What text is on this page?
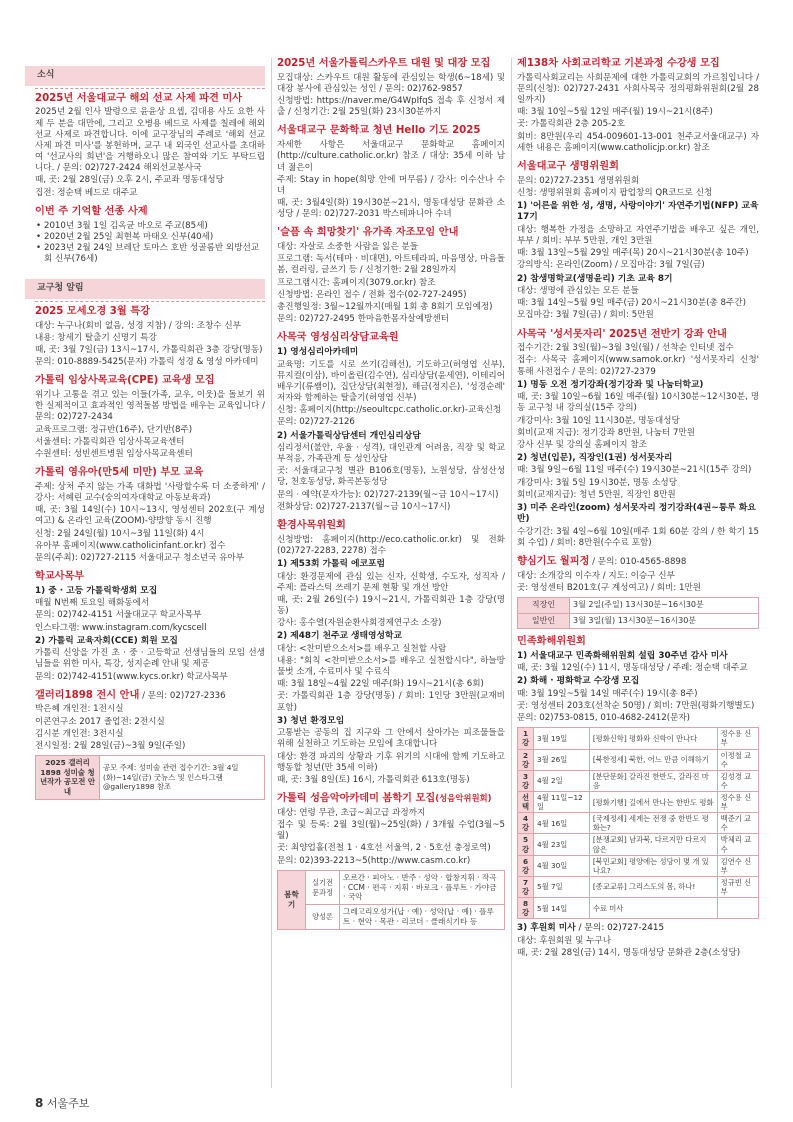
소식
2025년 서울대교구 해외 선교 사제 파견 미사

2025년 2월 인사 발령으로 윤윤상 요셉, 김대용 사도 요한 사제 두 분을 대만에, 그리고 오병용 베드로 사제를 칠레에 해외 선교 사제로 파견합니다. 이에 교구장님의 주례로 '해외 선교 사제 파견 미사'를 봉헌하며, 교구 내 외국인 선교사를 초대하여 '선교사의 희년'을 거행하오니 많은 참여와 기도 부탁드립니다. / 문의: 02)727-2424 해외선교봉사국

때, 곳: 2월 28일(금) 오후 2시, 주교좌 명동대성당

집전: 정순택 베드로 대주교

이번 주 기억할 선종 사제
• 2010년 3월 1일 김옥균 바오로 주교(85세)
• 2020년 2월 25일 최현복 마태오 신부(40세)
• 2023년 2월 24일 브레단 토마스 호반 성골롬반 외방선교회 신부(76세)
교구청 알림
2025 모세오경 3월 특강

대상: 누구나(회비 없음, 성경 지참) / 강의: 조창수 신부

내용: 창세기 탈출기 신명기 특강

때, 곳: 3월 7일(금) 13시~17시, 가톨릭회관 3층 강당(명동)

문의: 010-8889-5425(문자) 가톨릭 성경 & 영성 아카데미

가톨릭 임상사목교육(CPE) 교육생 모집

위기나 고통을 겪고 있는 이들(가족, 교우, 이웃)을 돌보기 위한 실제적이고 효과적인 영적돌봄 방법을 배우는 교육입니다 / 문의: 02)727-2434

교육프로그램: 정규반(16주), 단기반(8주)

서울센터: 가톨릭회관 임상사목교육센터

수원센터: 성빈센트병원 임상사목교육센터

가톨릭 영유아(만5세 미만) 부모 교육

주제: 상처 주지 않는 가족 대화법 '사랑할수록 더 소중하게' / 강사: 서혜린 교수(숭의여자대학교 아동보육과)

때, 곳: 3월 14일(수) 10시~13시, 영성센터 202호(구 계성여고) & 온라인 교육(ZOOM)-양방향 동시 진행

신청: 2월 24일(월) 10시~3월 11일(화) 4시

유아부 홈페이지(www.catholicinfant.or.kr) 접수

문의(주최): 02)727-2115 서울대교구 청소년국 유아부

학교사목부
1) 중 · 고등 가톨릭학생회 모집

매월 N번째 토요일 해화동에서

문의: 02)742-4151 서울대교구 학교사목부

인스타그램: www.instagram.com/kycscell

2) 가톨릭 교육자회(CCE) 회원 모집

가톨릭 신앙을 가진 초 · 중 · 고등학교 선생님들의 모임 선생님들을 위한 미사, 특강, 성지순례 안내 및 제공

문의: 02)742-4151(www.kycs.or.kr) 학교사목부

갤러리1898 전시 안내 / 문의: 02)727-2336

박은혜 개인전: 1전시실

이콘연구소 2017 졸업전: 2전시실

김시분 개인전: 3전시실

전시일정: 2월 28일(금)~3월 9일(주일)

2025 갤러리1898 성미술 청년작가 공모전 안내	공모 주제: 성미술 관련 접수기간: 3월 4일(화)~14일(금) 굿뉴스 및 인스타그램 @gallery1898 참조
2025년 서울가톨릭스카우트 대원 및 대장 모집

모집대상: 스카우트 대원 활동에 관심있는 학생(6~18세) 및 대장 봉사에 관심있는 성인 / 문의: 02)762-9857

신청방법: https://naver.me/G4WpIfqS 접속 후 신청서 제출 / 신청기간: 2월 25일(화) 23시30분까지

서울대교구 문화학교 청년 Hello 기도 2025

자세한 사항은 서울대교구 문화학교 홈페이지(http://culture.catholic.or.kr) 참조 / 대상: 35세 이하 남녀 젊은이

주제: Stay in hope(희망 안에 머무름) / 강사: 이수산나 수녀

때, 곳: 3월4일(화) 19시30분~21시, 명동대성당 문화관 소성당 / 문의: 02)727-2031 박스테파니아 수녀

'슬픔 속 희망찾기' 유가족 자조모임 안내

대상: 자살로 소중한 사람을 잃은 분들

프로그램: 독서(테마 · 비대면), 아트테라피, 마음명상, 마음돌봄, 컬러링, 글쓰기 등 / 신청기한: 2월 28일까지

프로그램시간: 홈페이지(3079.or.kr) 참조

신청방법: 온라인 접수 / 전화 접수(02-727-2495)

총진행일정: 3월~12월까지(매월 1회 총 8회기 모임예정)

문의: 02)727-2495 한마음한몸자살예방센터

사목국 영성심리상담교육원
1) 영성심리아카데미

교육명: 기도를 시로 쓰기(김해선), 기도하고(허영엽 신부), 뮤지컬(이삼), 바이올린(김수연), 심리상담(윤세연), 이테리어 배우기(류쌤이), 집단상담(최현정), 해금(정지은), '성경순례' 저자와 함께하는 탈출기(허영엽 신부)

신청: 홈페이지(http://seoultcpc.catholic.or.kr)-교육신청

문의: 02)727-2126

2) 서울가톨릭상담센터 개인심리상담

심리정서(불안, 우울 · 성격), 대인관계 어려움, 직장 및 학교 부적응, 가족관계 등 성인상담

곳: 서울대교구청 별관 B106호(명동), 노원성당, 삼성산성당, 천호동성당, 화곡본동성당

문의 · 예약(문자가능): 02)727-2139(월~금 10시~17시)

전화상담: 02)727-2137(월~금 10시~17시)

환경사목위원회

신청방법: 홈페이지(http://eco.catholic.or.kr) 및 전화(02)727-2283, 2278) 접수

1) 제53회 가톨릭 에코포럼

대상: 환경문제에 관심 있는 신자, 신학생, 수도자, 성직자 / 주제: 플라스틱 쓰레기 문제 현황 및 개선 방안

때, 곳: 2월 26일(수) 19시~21시, 가톨릭회관 1층 강당(명동)

강사: 홍수열(자원순환사회경제연구소 소장)

2) 제48기 천주교 생태영성학교

대상: <찬미받으소서>를 배우고 실천할 사람

내용: "회칙 <찬미받으소서>를 배우고 실천합시다", 하늘땅물벗 소개, 수료미사 및 수료식

때: 3월 18일~4월 22일 매주(화) 19시~21시(총 6회)

곳: 가톨릭회관 1층 강당(명동) / 회비: 1인당 3만원(교재비 포함)

3) 청년 환경모임

고통받는 공동의 집 지구와 그 안에서 살아가는 피조물들을 위해 실천하고 기도하는 모임에 초대합니다

대상: 환경 파괴의 상황과 기후 위기의 시대에 함께 기도하고 행동할 청년(만 35세 이하)

때, 곳: 3월 8일(토) 16시, 가톨릭회관 613호(명동)

가톨릭 성음악아카데미 봄학기 모집(성음악위원회)

대상: 연령 무관, 초급~최고급 과정까지

접수 및 등록: 2월 3일(월)~25일(화) / 3개월 수업(3월~5월)

곳: 최양업홀(전철 1 · 4호선 서울역, 2 · 5호선 충정로역)

문의: 02)393-2213~5(http://www.casm.co.kr)

봄학기	실기전문과정	오르간 · 피아노 · 반주 · 성악 · 합창지휘 · 작곡 · CCM · 편곡 · 지휘 · 바로크 · 플루트 · 가야금 · 국악
	양성론	그레고리오성가(납 · 예) · 성악(납 · 예) · 플루트 · 현악 · 목관 · 리코더 · 클래식기타 등
제138차 사회교리학교 기본과정 수강생 모집

가톨릭사회교리는 사회문제에 대한 가톨릭교회의 가르침입니다 / 문의(신청): 02)727-2431 사회사목국 정의평화위원회(2월 28일까지)

때: 3월 10일~5월 12일 매주(월) 19시~21시(8주)

곳: 가톨릭회관 2층 205-2호

회비: 8만원(우리 454-009601-13-001 천주교서울대교구) 자세한 내용은 홈페이지(www.catholicjp.or.kr) 참조

서울대교구 생명위원회

문의: 02)727-2351 생명위원회

신청: 생명위원회 홈페이지 팝업창의 QR코드로 신청

1) '어른을 위한 성, 생명, 사랑이야기' 자연주기법(NFP) 교육 17기

대상: 행복한 가정을 소망하고 자연주기법을 배우고 싶은 개인, 부부 / 회비: 부부 5만원, 개인 3만원

때: 3월 13일~5월 29일 매주(목) 20시~21시30분(총 10주)

강의방식: 온라인(Zoom) / 모집마감: 3월 7일(금)

2) 참생명학교(생명윤리) 기초 교육 8기

대상: 생명에 관심있는 모든 분들

때: 3월 14일~5월 9일 매주(금) 20시~21시30분(총 8주간)

모집마감: 3월 7일(금) / 회비: 5만원

사목국 '성서못자리' 2025년 전반기 강좌 안내

접수기간: 2월 3일(월)~3월 3일(월) / 선착순 인터넷 접수

접수: 사목국 홈페이지(www.samok.or.kr) '성서못자리 신청' 통해 사전접수 / 문의: 02)727-2379

1) 명동 오전 정기강좌(정기강좌 및 나눔터학교)

때, 곳: 3월 10일~6월 16일 매주(월) 10시30분~12시30분, 명동 교구청 내 강의실(15주 강의)

개강미사: 3월 10일 11시30분, 명동대성당

회비(교재 지급): 정기강좌 8만원, 나눔터 7만원

강사 신부 및 강의실 홈페이지 참조

2) 청년(입문), 직장인(1권) 성서못자리

때: 3월 9일~6월 11일 매주(수) 19시30분~21시(15주 강의)

개강미사: 3월 5일 19시30분, 명동 소성당

회비(교재지급): 청년 5만원, 직장인 8만원

3) 미주 온라인(zoom) 성서못자리 정기강좌(4권~통루 화요반)

수강기간: 3월 4일~6월 10일(매주 1회 60분 강의 / 한 학기 15회 수업) / 회비: 8만원(수수료 포함)

향심기도 월피정 / 문의: 010-4565-8898

대상: 소개강의 이수자 / 지도: 이승구 신부

곳: 영성센터 B201호(구 계성여고) / 회비: 1만원

직장인	3월 2일(주일) 13시30분~16시30분
일반인	3월 3일(월) 13시30분~16시30분
민족화해위원회
1) 서울대교구 민족화해위원회 설립 30주년 감사 미사

때, 곳: 3월 12일(수) 11시, 명동대성당 / 주례: 정순택 대주교

2) 화해 · 평화학교 수강생 모집

때: 3월 19일~5월 14일 매주(수) 19시(총 8주)

곳: 영성센터 203호(선착순 50명) / 회비: 7만원(평화기행별도)

문의: 02)753-0815, 010-4682-2412(문자)

1강	3월 19일	[평화신학] 평화와 신학이 만나다	정수용 신부
2강	3월 26일	[북한정세] 북한, 어느 만큼 이해하기	이정철 교수
3강	4월 2일	[분단문화] 갈라진 한반도, 갈라진 마음	김성경 교수
선택	4월 11일~12일	[평화기행] 길에서 만나는 한반도 평화	정수용 신부
4강	4월 16일	[국제정세] 세계는 전쟁 중 한반도 평화는?	백준기 교수
5강	4월 23일	[분쟁교회] 남과북, 다르지만 다르지 않은	박체리 교수
6강	4월 30일	[북민교회] 평양에는 성당이 몇 개 있나요?	김연수 신부
7강	5월 7일	[종교교류] 그리스도의 몸, 하나!	정규빈 신부
8강	5월 14일	수료 미사	
3) 후원회 미사 / 문의: 02)727-2415

대상: 후원회원 및 누구나

때, 곳: 2월 28일(금) 14시, 명동대성당 문화관 2층(소성당)

8 서울주보
